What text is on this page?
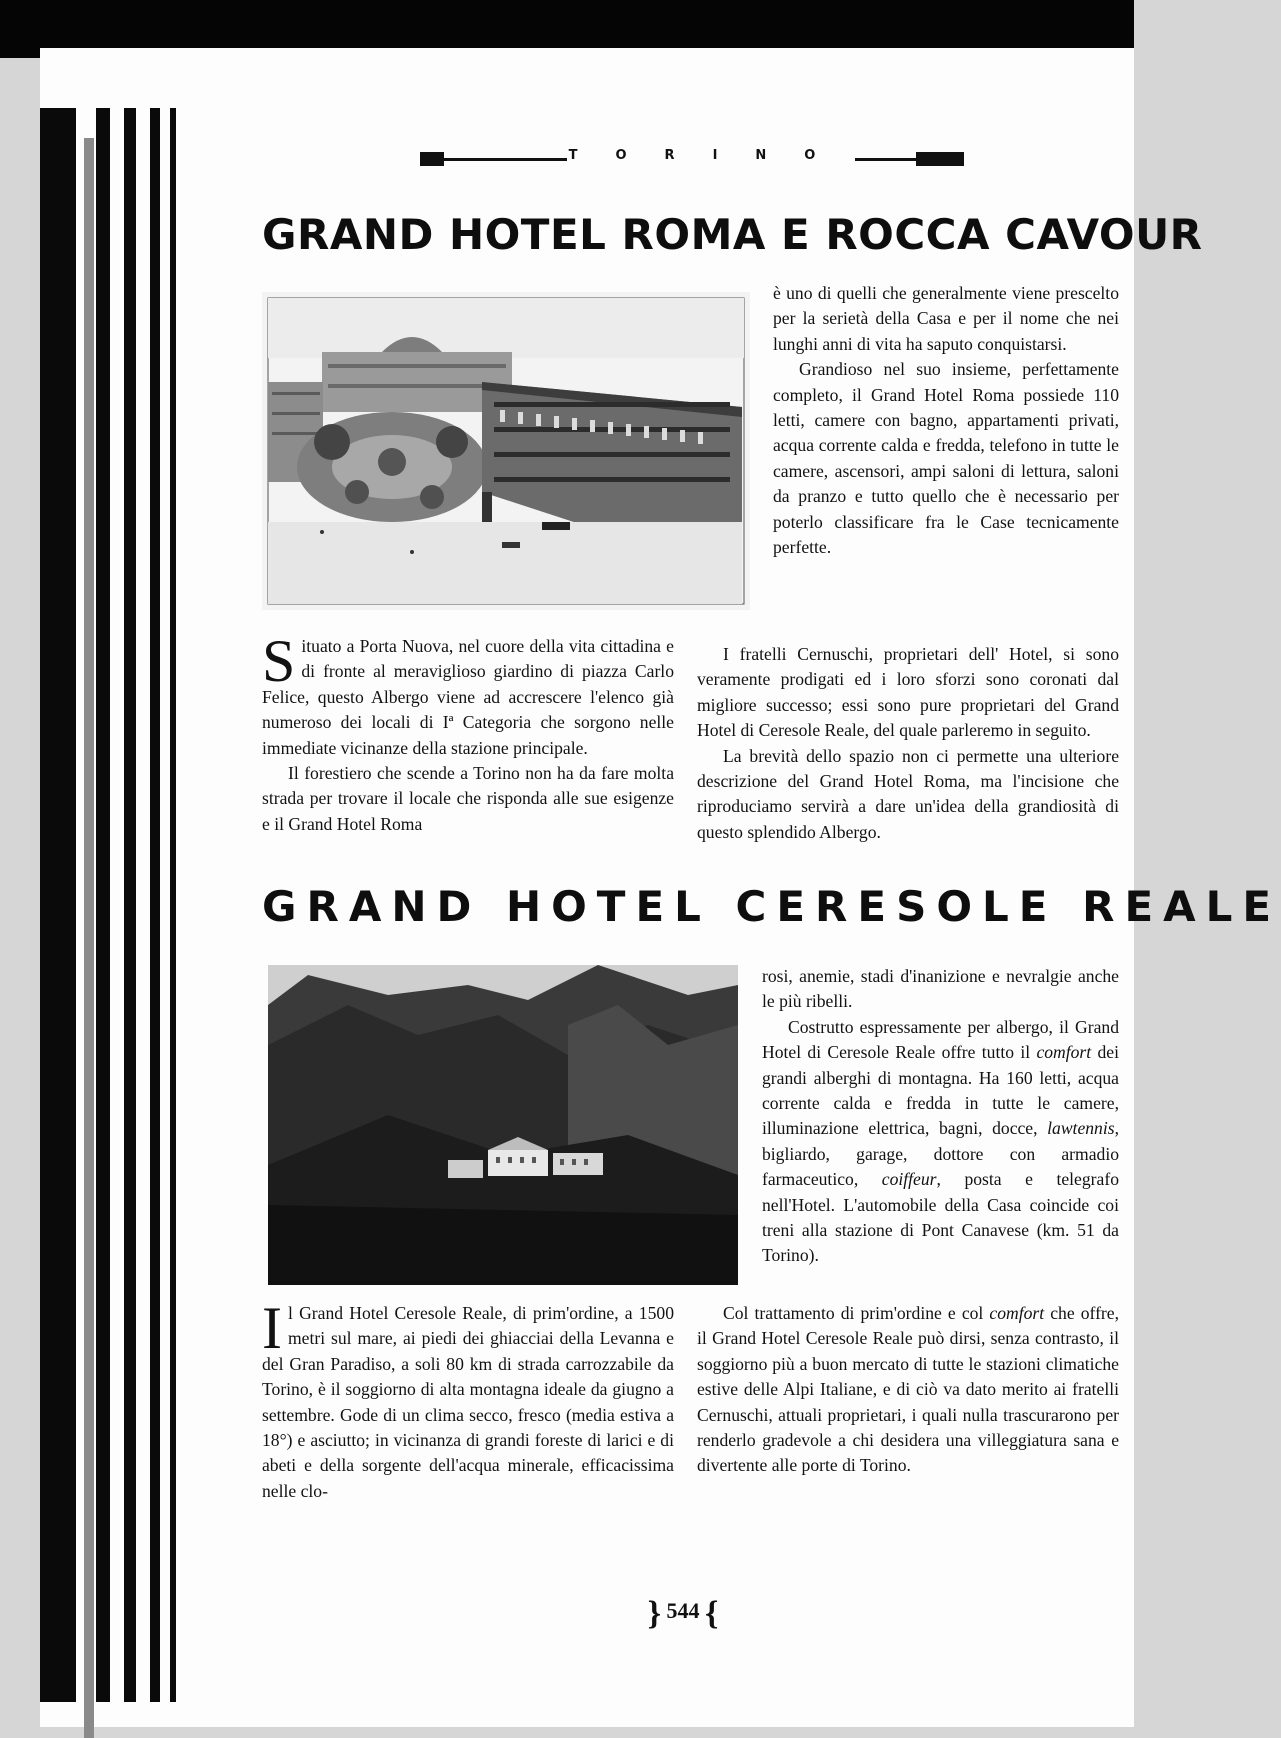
TORINO
GRAND HOTEL ROMA E ROCCA CAVOUR

Situato a Porta Nuova, nel cuore della vita cittadina e di fronte al meraviglioso giardino di piazza Carlo Felice, questo Albergo viene ad accrescere l'elenco già numeroso dei locali di Iª Categoria che sorgono nelle immediate vicinanze della stazione principale.

Il forestiero che scende a Torino non ha da fare molta strada per trovare il locale che risponda alle sue esigenze e il Grand Hotel Roma

è uno di quelli che generalmente viene prescelto per la serietà della Casa e per il nome che nei lunghi anni di vita ha saputo conquistarsi.

Grandioso nel suo insieme, perfettamente completo, il Grand Hotel Roma possiede 110 letti, camere con bagno, appartamenti privati, acqua corrente calda e fredda, telefono in tutte le camere, ascensori, ampi saloni di lettura, saloni da pranzo e tutto quello che è necessario per poterlo classificare fra le Case tecnicamente perfette.

I fratelli Cernuschi, proprietari dell' Hotel, si sono veramente prodigati ed i loro sforzi sono coronati dal migliore successo; essi sono pure proprietari del Grand Hotel di Ceresole Reale, del quale parleremo in seguito.

La brevità dello spazio non ci permette una ulteriore descrizione del Grand Hotel Roma, ma l'incisione che riproduciamo servirà a dare un'idea della grandiosità di questo splendido Albergo.

GRAND HOTEL CERESOLE REALE

rosi, anemie, stadi d'inanizione e nevralgie anche le più ribelli.

Costrutto espressamente per albergo, il Grand Hotel di Ceresole Reale offre tutto il comfort dei grandi alberghi di montagna. Ha 160 letti, acqua corrente calda e fredda in tutte le camere, illuminazione elettrica, bagni, docce, lawtennis, bigliardo, garage, dottore con armadio farmaceutico, coiffeur, posta e telegrafo nell'Hotel. L'automobile della Casa coincide coi treni alla stazione di Pont Canavese (km. 51 da Torino).

Il Grand Hotel Ceresole Reale, di prim'ordine, a 1500 metri sul mare, ai piedi dei ghiacciai della Levanna e del Gran Paradiso, a soli 80 km di strada carrozzabile da Torino, è il soggiorno di alta montagna ideale da giugno a settembre. Gode di un clima secco, fresco (media estiva a 18°) e asciutto; in vicinanza di grandi foreste di larici e di abeti e della sorgente dell'acqua minerale, efficacissima nelle clo-

Col trattamento di prim'ordine e col comfort che offre, il Grand Hotel Ceresole Reale può dirsi, senza contrasto, il soggiorno più a buon mercato di tutte le stazioni climatiche estive delle Alpi Italiane, e di ciò va dato merito ai fratelli Cernuschi, attuali proprietari, i quali nulla trascurarono per renderlo gradevole a chi desidera una villeggiatura sana e divertente alle porte di Torino.

} 544 {
